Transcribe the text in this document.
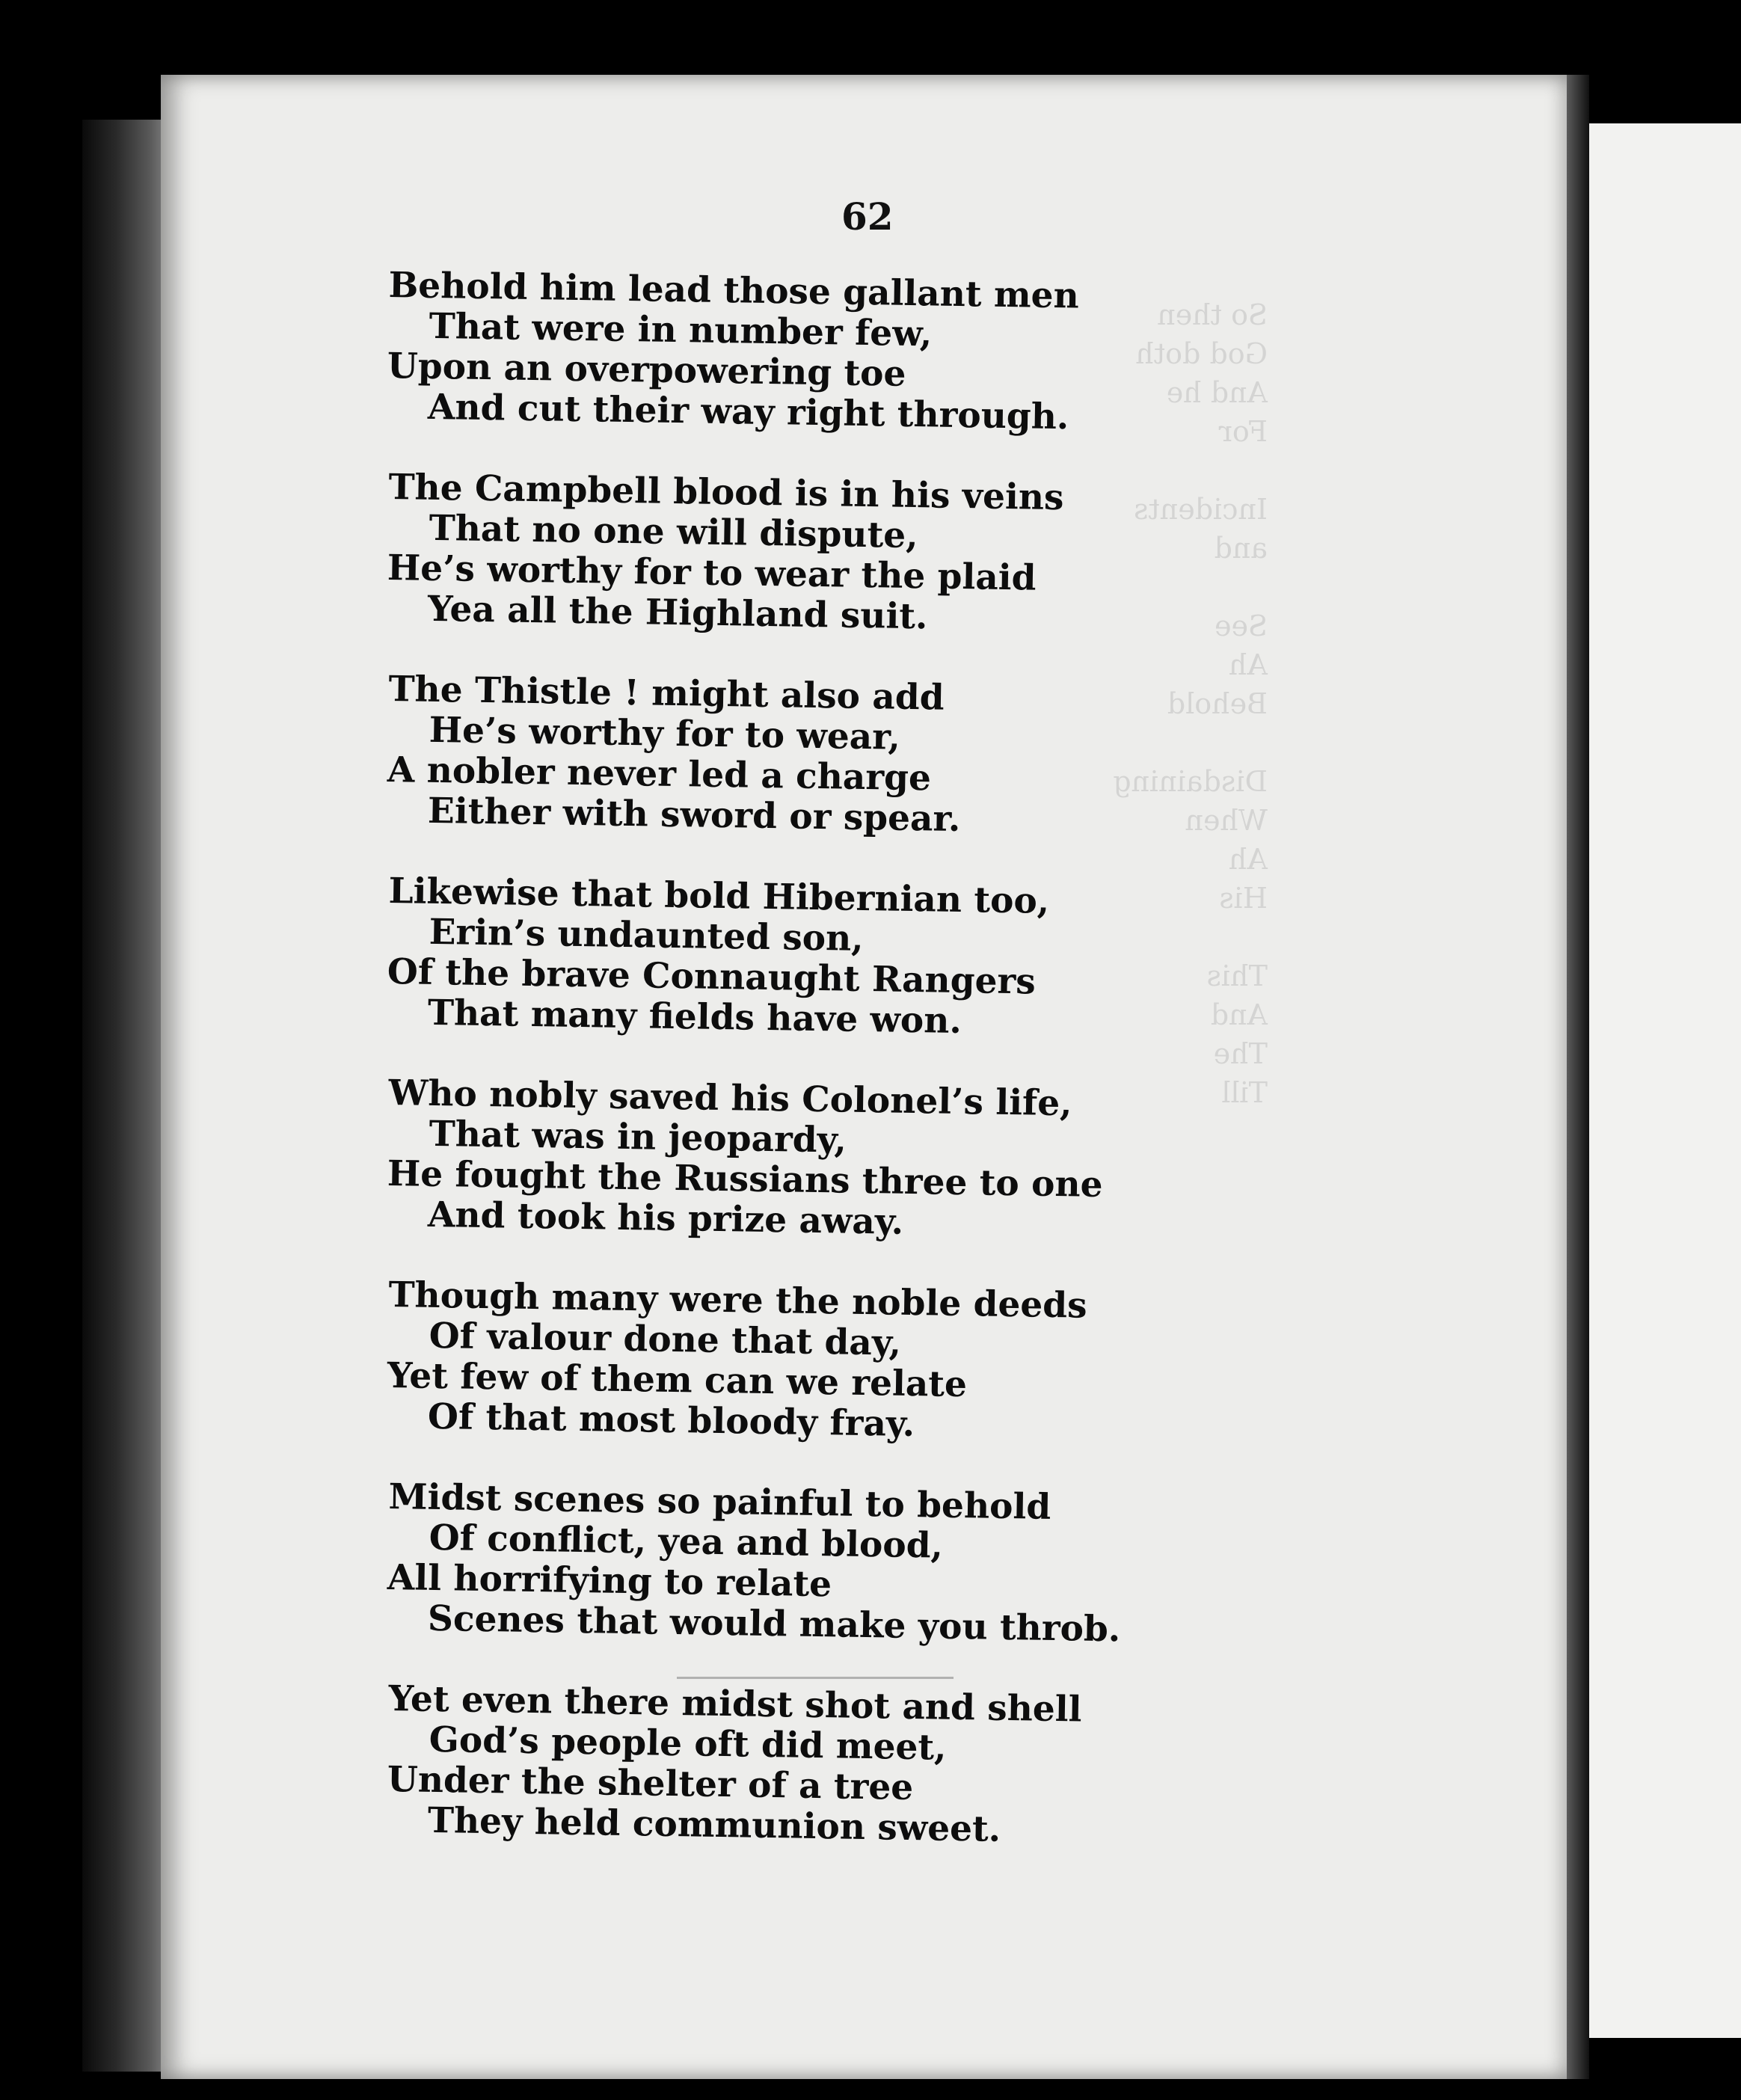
62
Behold him lead those gallant men
That were in number few,
Upon an overpowering toe
And cut their way right through.
The Campbell blood is in his veins
That no one will dispute,
He’s worthy for to wear the plaid
Yea all the Highland suit.
The Thistle ! might also add
He’s worthy for to wear,
A nobler never led a charge
Either with sword or spear.
Likewise that bold Hibernian too,
Erin’s undaunted son,
Of the brave Connaught Rangers
That many fields have won.
Who nobly saved his Colonel’s life,
That was in jeopardy,
He fought the Russians three to one
And took his prize away.
Though many were the noble deeds
Of valour done that day,
Yet few of them can we relate
Of that most bloody fray.
Midst scenes so painful to behold
Of conflict, yea and blood,
All horrifying to relate
Scenes that would make you throb.
Yet even there midst shot and shell
God’s people oft did meet,
Under the shelter of a tree
They held communion sweet.
